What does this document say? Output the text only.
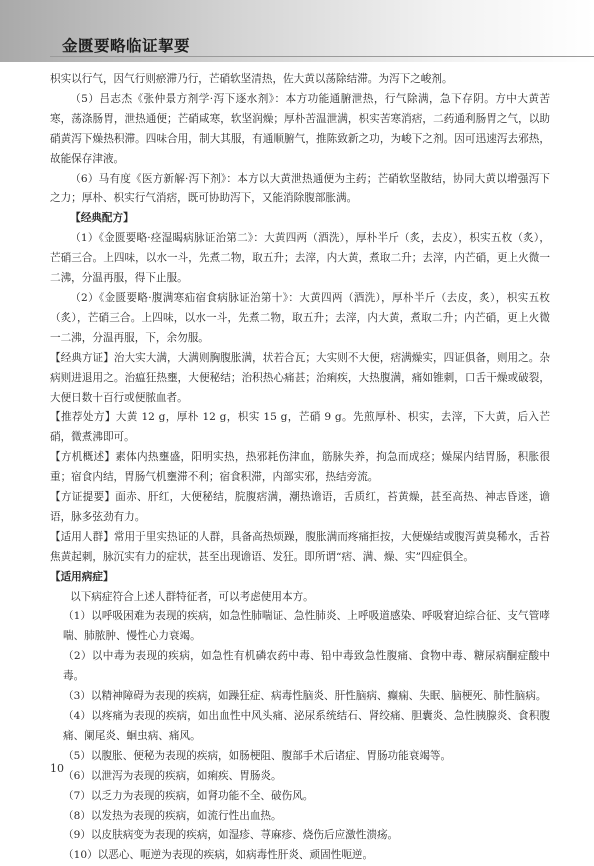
金匮要略临证挈要

枳实以行气，因气行则瘀滞乃行，芒硝软坚清热，佐大黄以荡除结滞。为泻下之峻剂。

（5）吕志杰《张仲景方剂学·泻下逐水剂》：本方功能通腑泄热，行气除满，急下存阴。方中大黄苦寒，荡涤肠胃，泄热通便；芒硝咸寒，软坚润燥；厚朴苦温泄满，枳实苦寒消痞，二药通利肠胃之气，以助硝黄泻下燥热积滞。四味合用，制大其服，有通顺腑气，推陈致新之功，为峻下之剂。因可迅速泻去邪热，故能保存津液。

（6）马有度《医方新解·泻下剂》：本方以大黄泄热通便为主药；芒硝软坚散结，协同大黄以增强泻下之力；厚朴、枳实行气消痞，既可协助泻下，又能消除腹部胀满。

【经典配方】

（1）《金匮要略·痉湿暍病脉证治第二》：大黄四两（酒洗），厚朴半斤（炙，去皮），枳实五枚（炙），芒硝三合。上四味，以水一斗，先煮二物，取五升；去滓，内大黄，煮取二升；去滓，内芒硝，更上火微一二沸，分温再服，得下止服。

（2）《金匮要略·腹满寒疝宿食病脉证治第十》：大黄四两（酒洗），厚朴半斤（去皮，炙），枳实五枚（炙），芒硝三合。上四味，以水一斗，先煮二物，取五升；去滓，内大黄，煮取二升；内芒硝，更上火微一二沸，分温再服，下，余勿服。

【经典方证】治大实大满，大满则胸腹胀满，状若合瓦；大实则不大便，痞满燥实，四证俱备，则用之。杂病则进退用之。治瘟狂热壅，大便秘结；治积热心痛甚；治痢疾，大热腹满，痛如锥刺，口舌干燥或破裂，大便日数十百行或便脓血者。

【推荐处方】大黄 12 g，厚朴 12 g，枳实 15 g，芒硝 9 g。先煎厚朴、枳实，去滓，下大黄，后入芒硝，微煮沸即可。

【方机概述】素体内热壅盛，阳明实热，热邪耗伤津血，筋脉失养，拘急而成痉；燥屎内结胃肠，积胀很重；宿食内结，胃肠气机壅滞不利；宿食积滞，内部实邪，热结旁流。

【方证提要】面赤、肝红，大便秘结，脘腹痞满，潮热谵语，舌质红，苔黄燥，甚至高热、神志昏迷，谵语，脉多弦劲有力。

【适用人群】常用于里实热证的人群，具备高热烦躁，腹胀满而疼痛拒按，大便燥结或腹泻黄臭稀水，舌苔焦黄起刺，脉沉实有力的症状，甚至出现谵语、发狂。即所谓“痞、满、燥、实”四症俱全。

【适用病症】

以下病症符合上述人群特征者，可以考虑使用本方。

（1）以呼吸困难为表现的疾病，如急性肺喘证、急性肺炎、上呼吸道感染、呼吸窘迫综合征、支气管哮喘、肺脓肿、慢性心力衰竭。

（2）以中毒为表现的疾病，如急性有机磷农药中毒、铅中毒致急性腹痛、食物中毒、糖尿病酮症酸中毒。

（3）以精神障碍为表现的疾病，如躁狂症、病毒性脑炎、肝性脑病、癫痫、失眠、脑梗死、肺性脑病。

（4）以疼痛为表现的疾病，如出血性中风头痛、泌尿系统结石、肾绞痛、胆囊炎、急性胰腺炎、食积腹痛、阑尾炎、蛔虫病、痛风。

（5）以腹胀、便秘为表现的疾病，如肠梗阻、腹部手术后诸症、胃肠功能衰竭等。

（6）以泄泻为表现的疾病，如痢疾、胃肠炎。

（7）以乏力为表现的疾病，如肾功能不全、破伤风。

（8）以发热为表现的疾病，如流行性出血热。

（9）以皮肤病变为表现的疾病，如湿疹、荨麻疹、烧伤后应激性溃疡。

（10）以恶心、呃逆为表现的疾病，如病毒性肝炎、顽固性呃逆。

10
